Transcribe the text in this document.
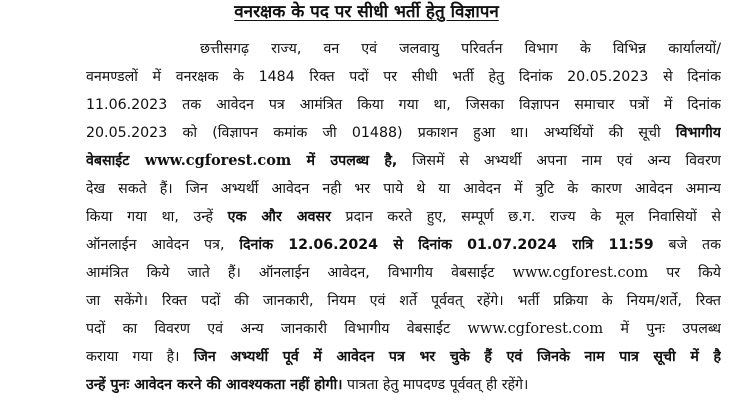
वनरक्षक के पद पर सीधी भर्ती हेतु विज्ञापन
छत्तीसगढ़ राज्य, वन एवं जलवायु परिवर्तन विभाग के विभिन्न कार्यालयों/
वनमण्डलों में वनरक्षक के 1484 रिक्त पदों पर सीधी भर्ती हेतु दिनांक 20.05.2023 से दिनांक
11.06.2023 तक आवेदन पत्र आमंत्रित किया गया था, जिसका विज्ञापन समाचार पत्रों में दिनांक
20.05.2023 को (विज्ञापन कमांक जी 01488) प्रकाशन हुआ था। अभ्यर्थियों की सूची विभागीय
वेबसाईट www.cgforest.com में उपलब्ध है, जिसमें से अभ्यर्थी अपना नाम एवं अन्य विवरण
देख सकते हैं। जिन अभ्यर्थी आवेदन नही भर पाये थे या आवेदन में त्रुटि के कारण आवेदन अमान्य
किया गया था, उन्हें एक और अवसर प्रदान करते हुए, सम्पूर्ण छ.ग. राज्य के मूल निवासियों से
ऑनलाईन आवेदन पत्र, दिनांक 12.06.2024 से दिनांक 01.07.2024 रात्रि 11:59 बजे तक
आमंत्रित किये जाते हैं। ऑनलाईन आवेदन, विभागीय वेबसाईट www.cgforest.com पर किये
जा सकेंगे। रिक्त पदों की जानकारी, नियम एवं शर्ते पूर्ववत् रहेंगे। भर्ती प्रक्रिया के नियम/शर्ते, रिक्त
पदों का विवरण एवं अन्य जानकारी विभागीय वेबसाईट www.cgforest.com में पुनः उपलब्ध
कराया गया है। जिन अभ्यर्थी पूर्व में आवेदन पत्र भर चुके हैं एवं जिनके नाम पात्र सूची में है
उन्हें पुनः आवेदन करने की आवश्यकता नहीं होगी। पात्रता हेतु मापदण्ड पूर्ववत् ही रहेंगे।
